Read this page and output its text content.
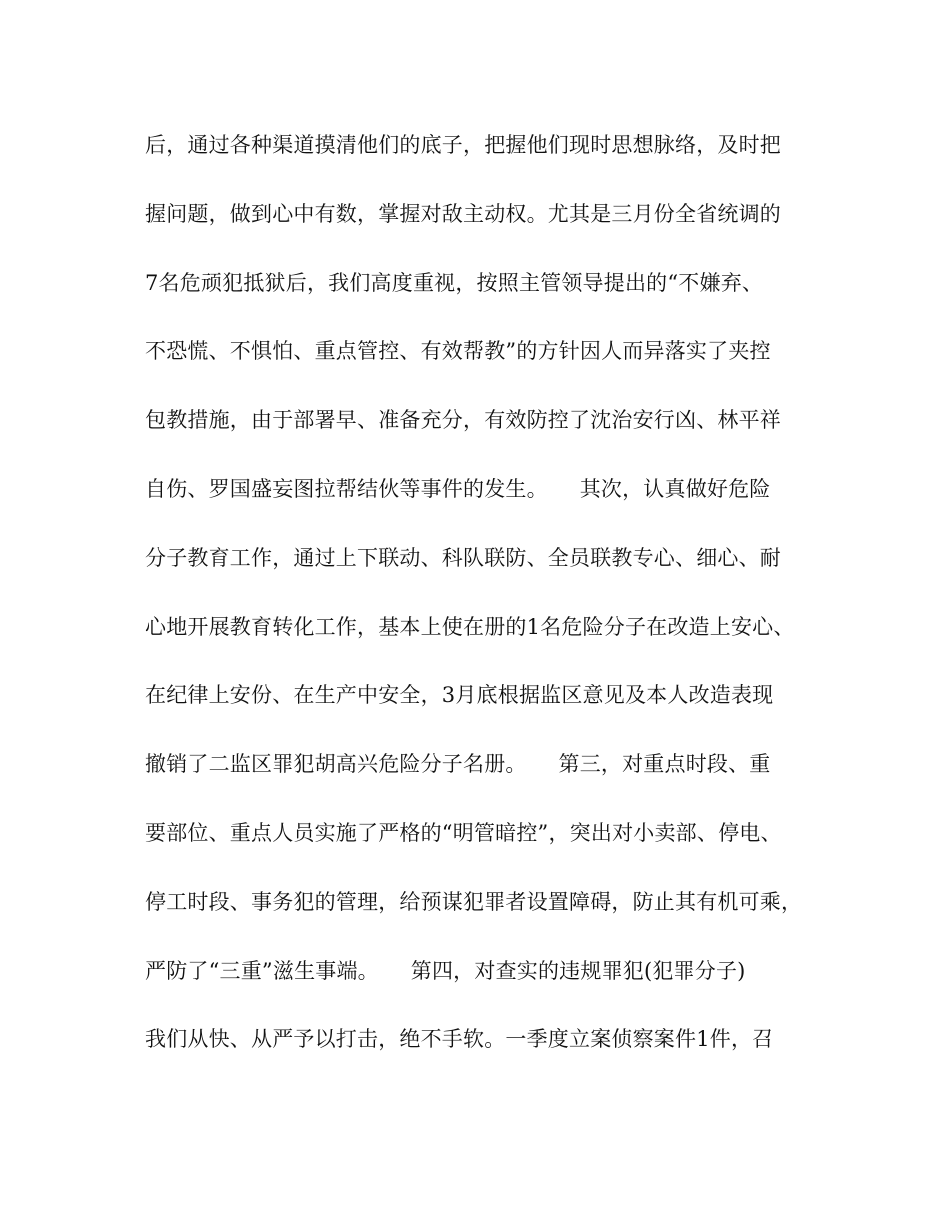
后，通过各种渠道摸清他们的底子，把握他们现时思想脉络，及时把
握问题，做到心中有数，掌握对敌主动权。尤其是三月份全省统调的
7名危顽犯抵狱后，我们高度重视，按照主管领导提出的“不嫌弃、
不恐慌、不惧怕、重点管控、有效帮教”的方针因人而异落实了夹控
包教措施，由于部署早、准备充分，有效防控了沈治安行凶、林平祥
自伤、罗国盛妄图拉帮结伙等事件的发生。　　其次，认真做好危险
分子教育工作，通过上下联动、科队联防、全员联教专心、细心、耐
心地开展教育转化工作，基本上使在册的1名危险分子在改造上安心、
在纪律上安份、在生产中安全，3月底根据监区意见及本人改造表现
撤销了二监区罪犯胡高兴危险分子名册。　　第三，对重点时段、重
要部位、重点人员实施了严格的“明管暗控”，突出对小卖部、停电、
停工时段、事务犯的管理，给预谋犯罪者设置障碍，防止其有机可乘，
严防了“三重”滋生事端。　　第四，对查实的违规罪犯(犯罪分子)
我们从快、从严予以打击，绝不手软。一季度立案侦察案件1件，召
